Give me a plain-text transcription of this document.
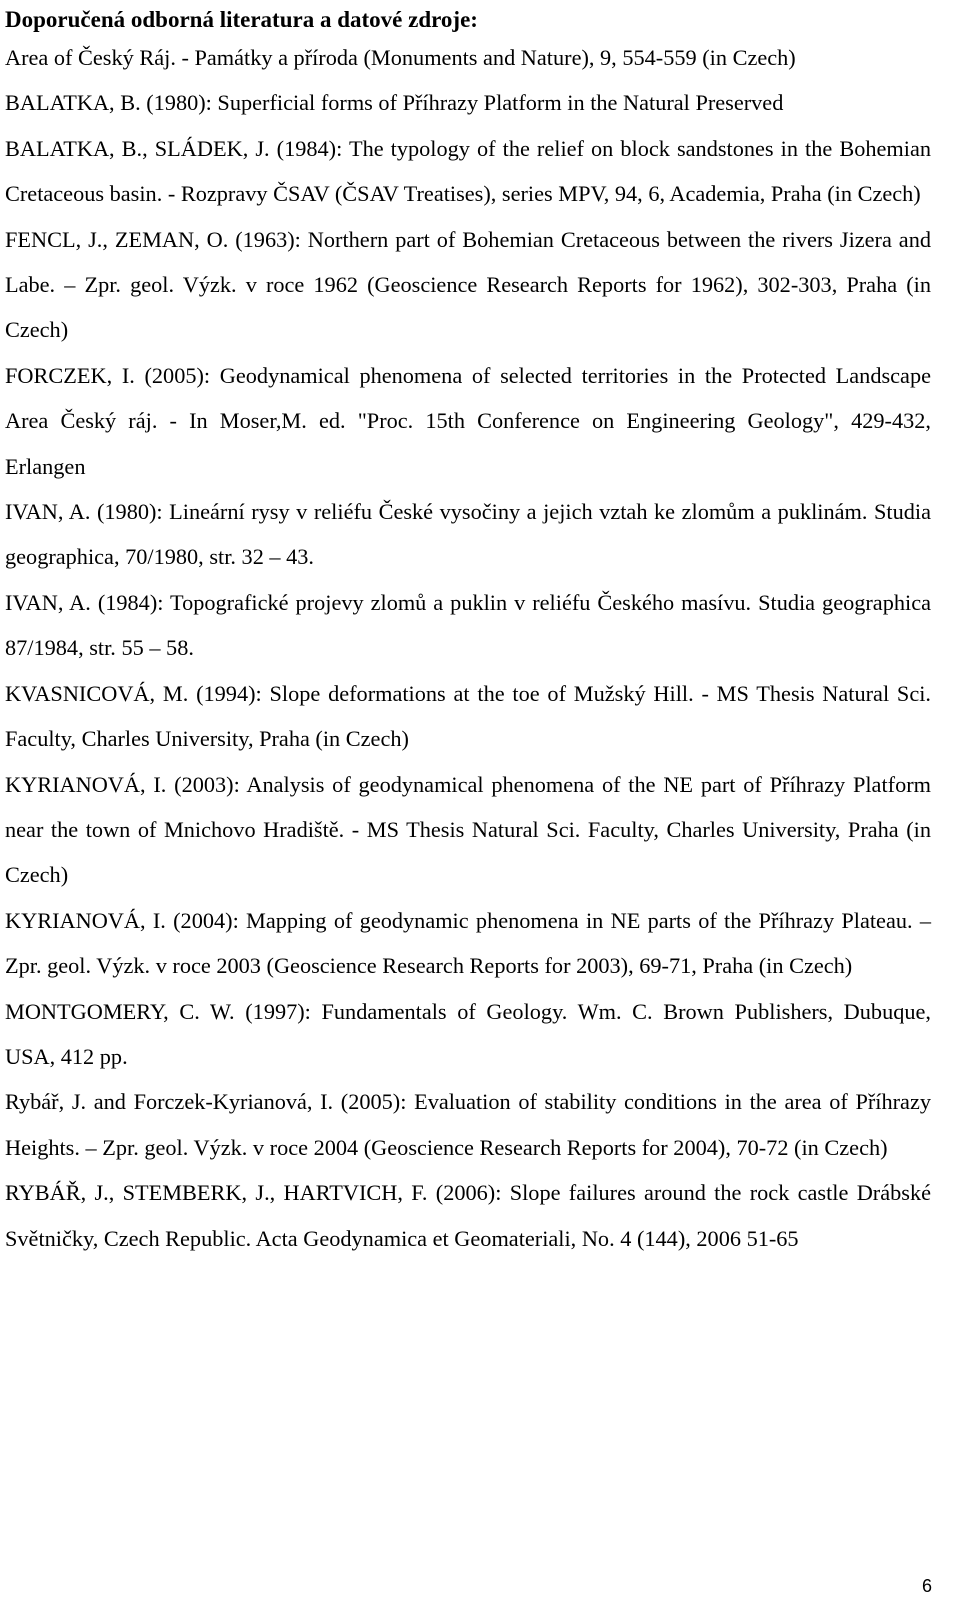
Doporučená odborná literatura a datové zdroje:

Area of Český Ráj. - Památky a příroda (Monuments and Nature), 9, 554-559 (in Czech)

BALATKA, B. (1980): Superficial forms of Příhrazy Platform in the Natural Preserved

BALATKA, B., SLÁDEK, J. (1984): The typology of the relief on block sandstones in the Bohemian Cretaceous basin. - Rozpravy ČSAV (ČSAV Treatises), series MPV, 94, 6, Academia, Praha (in Czech)

FENCL, J., ZEMAN, O. (1963): Northern part of Bohemian Cretaceous between the rivers Jizera and Labe. – Zpr. geol. Výzk. v roce 1962 (Geoscience Research Reports for 1962), 302-303, Praha (in Czech)

FORCZEK, I. (2005): Geodynamical phenomena of selected territories in the Protected Landscape Area Český ráj. - In Moser,M. ed. "Proc. 15th Conference on Engineering Geology", 429-432, Erlangen

IVAN, A. (1980): Lineární rysy v reliéfu České vysočiny a jejich vztah ke zlomům a puklinám. Studia geographica, 70/1980, str. 32 – 43.

IVAN, A. (1984): Topografické projevy zlomů a puklin v reliéfu Českého masívu. Studia geographica 87/1984, str. 55 – 58.

KVASNICOVÁ, M. (1994): Slope deformations at the toe of Mužský Hill. - MS Thesis Natural Sci. Faculty, Charles University, Praha (in Czech)

KYRIANOVÁ, I. (2003): Analysis of geodynamical phenomena of the NE part of Příhrazy Platform near the town of Mnichovo Hradiště. - MS Thesis Natural Sci. Faculty, Charles University, Praha (in Czech)

KYRIANOVÁ, I. (2004): Mapping of geodynamic phenomena in NE parts of the Příhrazy Plateau. – Zpr. geol. Výzk. v roce 2003 (Geoscience Research Reports for 2003), 69-71, Praha (in Czech)

MONTGOMERY, C. W. (1997): Fundamentals of Geology. Wm. C. Brown Publishers, Dubuque, USA, 412 pp.

Rybář, J. and Forczek-Kyrianová, I. (2005): Evaluation of stability conditions in the area of Příhrazy Heights. – Zpr. geol. Výzk. v roce 2004 (Geoscience Research Reports for 2004), 70-72 (in Czech)

RYBÁŘ, J., STEMBERK, J., HARTVICH, F. (2006): Slope failures around the rock castle Drábské Světničky, Czech Republic. Acta Geodynamica et Geomateriali, No. 4 (144), 2006 51-65

6
